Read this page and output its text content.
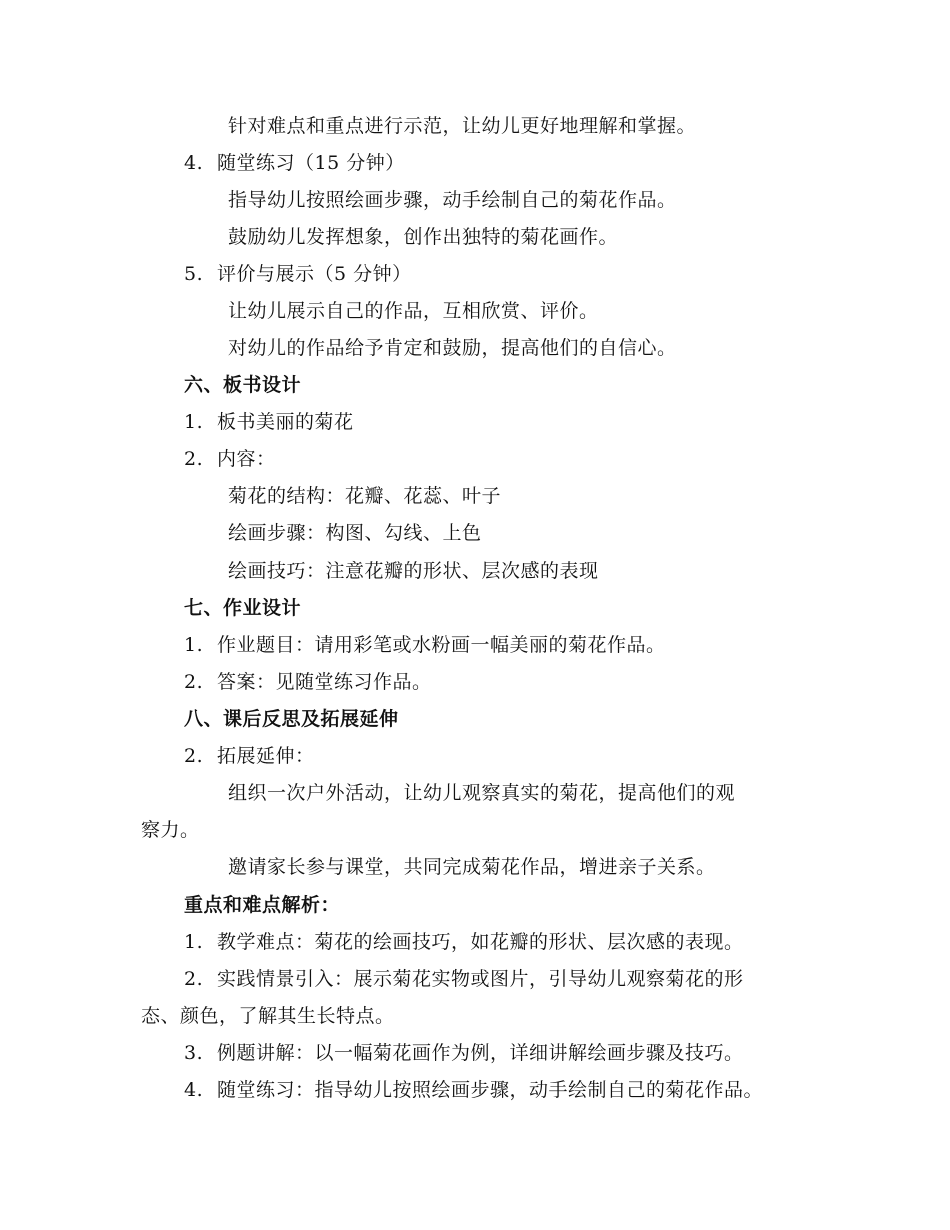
针对难点和重点进行示范，让幼儿更好地理解和掌握。
4. 随堂练习（15 分钟）
指导幼儿按照绘画步骤，动手绘制自己的菊花作品。
鼓励幼儿发挥想象，创作出独特的菊花画作。
5. 评价与展示（5 分钟）
让幼儿展示自己的作品，互相欣赏、评价。
对幼儿的作品给予肯定和鼓励，提高他们的自信心。
六、板书设计
1. 板书美丽的菊花
2. 内容：
菊花的结构：花瓣、花蕊、叶子
绘画步骤：构图、勾线、上色
绘画技巧：注意花瓣的形状、层次感的表现
七、作业设计
1. 作业题目：请用彩笔或水粉画一幅美丽的菊花作品。
2. 答案：见随堂练习作品。
八、课后反思及拓展延伸
2. 拓展延伸：
组织一次户外活动，让幼儿观察真实的菊花，提高他们的观
察力。
邀请家长参与课堂，共同完成菊花作品，增进亲子关系。
重点和难点解析：
1. 教学难点：菊花的绘画技巧，如花瓣的形状、层次感的表现。
2. 实践情景引入：展示菊花实物或图片，引导幼儿观察菊花的形
态、颜色，了解其生长特点。
3. 例题讲解：以一幅菊花画作为例，详细讲解绘画步骤及技巧。
4. 随堂练习：指导幼儿按照绘画步骤，动手绘制自己的菊花作品。
